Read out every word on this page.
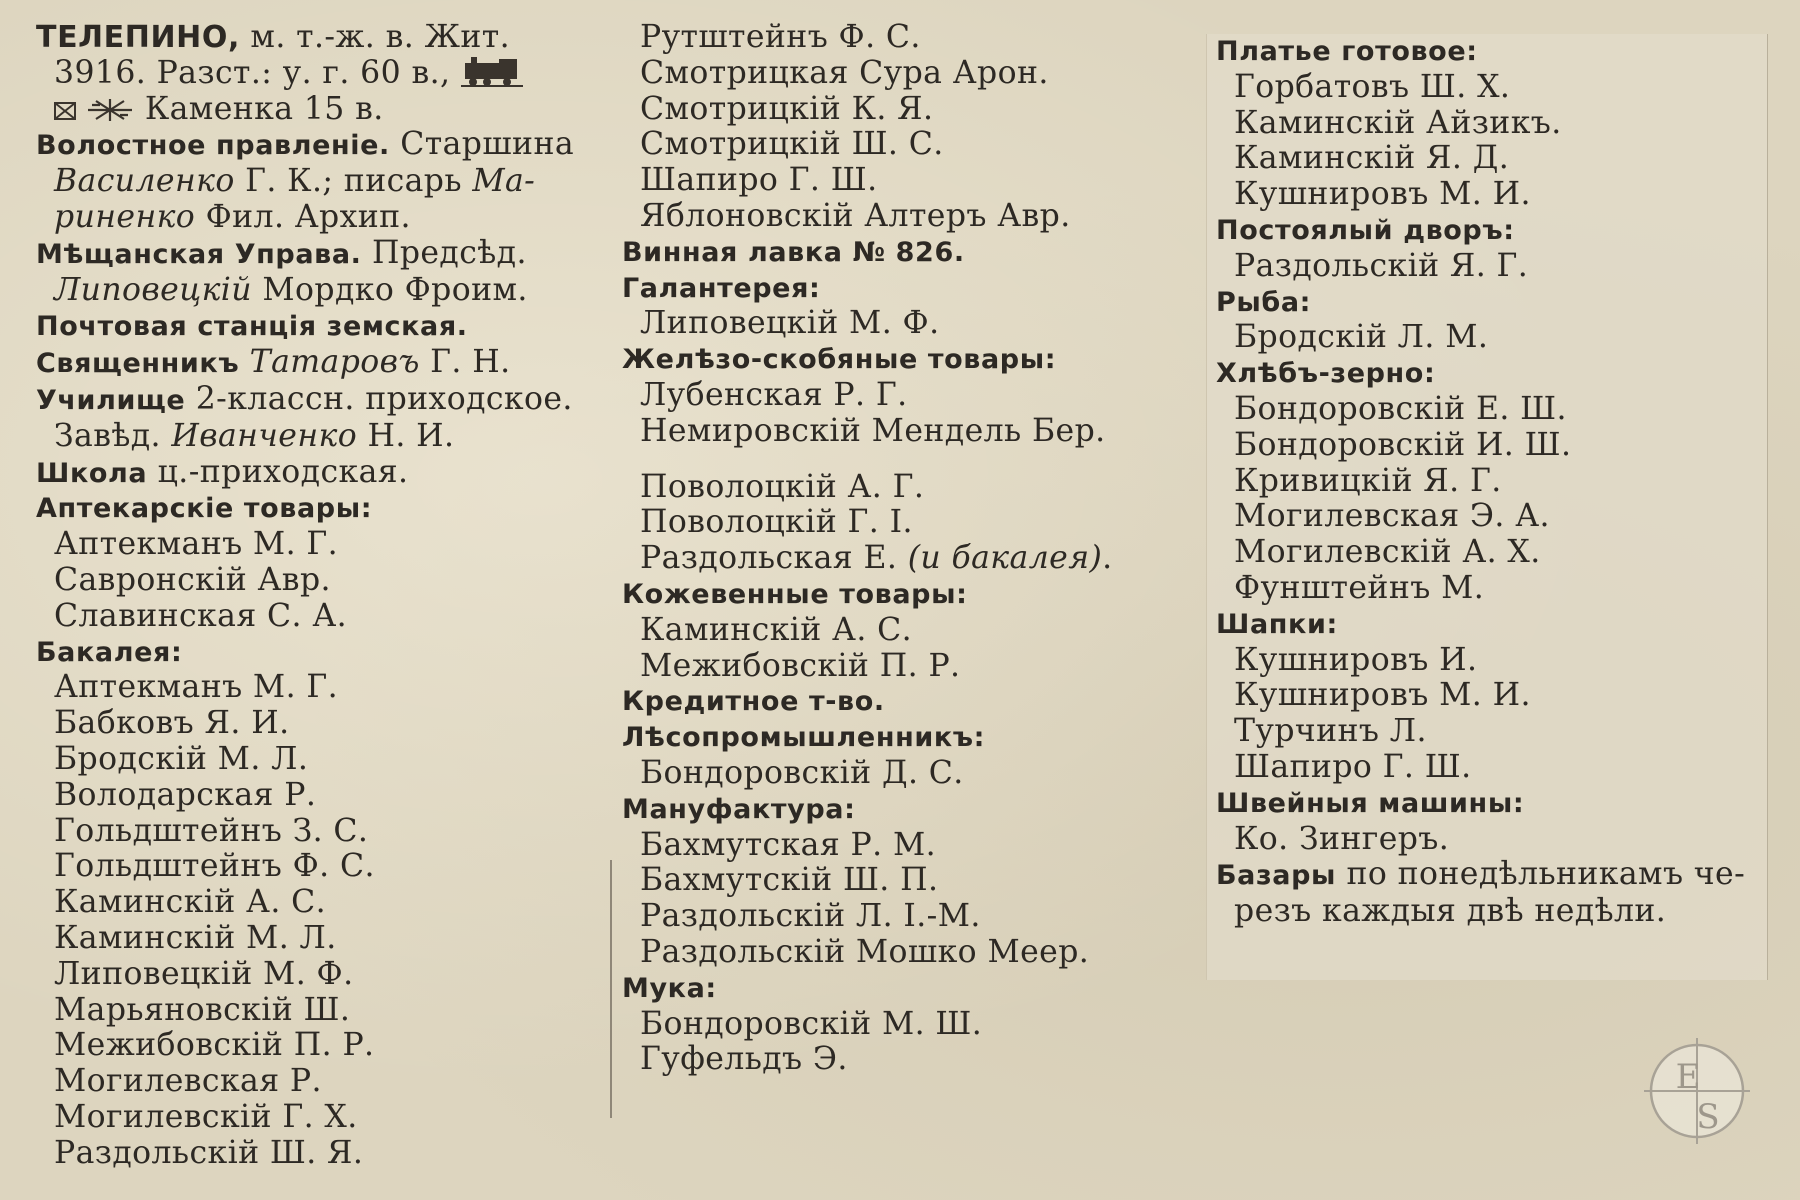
ТЕЛЕПИНО, м. т.-ж. в. Жит.
3916. Разст.: у. г. 60 в.,
Каменка 15 в.
Волостное правленіе. Старшина
Василенко Г. К.; писарь Ма-
риненко Фил. Архип.
Мѣщанская Управа. Предсѣд.
Липовецкій Мордко Фроим.
Почтовая станція земская.
Священникъ Татаровъ Г. Н.
Училище 2-классн. приходское.
Завѣд. Иванченко Н. И.
Школа ц.-приходская.
Аптекарскіе товары:
Аптекманъ М. Г.
Савронскій Авр.
Славинская С. А.
Бакалея:
Аптекманъ М. Г.
Бабковъ Я. И.
Бродскій М. Л.
Володарская Р.
Гольдштейнъ З. С.
Гольдштейнъ Ф. С.
Каминскій А. С.
Каминскій М. Л.
Липовецкій М. Ф.
Марьяновскій Ш.
Межибовскій П. Р.
Могилевская Р.
Могилевскій Г. Х.
Раздольскій Ш. Я.
Рутштейнъ Ф. С.
Смотрицкая Сура Арон.
Смотрицкій К. Я.
Смотрицкій Ш. С.
Шапиро Г. Ш.
Яблоновскій Алтеръ Авр.
Винная лавка № 826.
Галантерея:
Липовецкій М. Ф.
Желѣзо-скобяные товары:
Лубенская Р. Г.
Немировскій Мендель Бер.
Поволоцкій А. Г.
Поволоцкій Г. І.
Раздольская Е. (и бакалея).
Кожевенные товары:
Каминскій А. С.
Межибовскій П. Р.
Кредитное т-во.
Лѣсопромышленникъ:
Бондоровскій Д. С.
Мануфактура:
Бахмутская Р. М.
Бахмутскій Ш. П.
Раздольскій Л. І.-М.
Раздольскій Мошко Меер.
Мука:
Бондоровскій М. Ш.
Гуфельдъ Э.
Платье готовое:
Горбатовъ Ш. Х.
Каминскій Айзикъ.
Каминскій Я. Д.
Кушнировъ М. И.
Постоялый дворъ:
Раздольскій Я. Г.
Рыба:
Бродскій Л. М.
Хлѣбъ-зерно:
Бондоровскій Е. Ш.
Бондоровскій И. Ш.
Кривицкій Я. Г.
Могилевская Э. А.
Могилевскій А. Х.
Фунштейнъ М.
Шапки:
Кушнировъ И.
Кушнировъ М. И.
Турчинъ Л.
Шапиро Г. Ш.
Швейныя машины:
Ко. Зингеръ.
Базары по понедѣльникамъ че-
резъ каждыя двѣ недѣли.
E
S
